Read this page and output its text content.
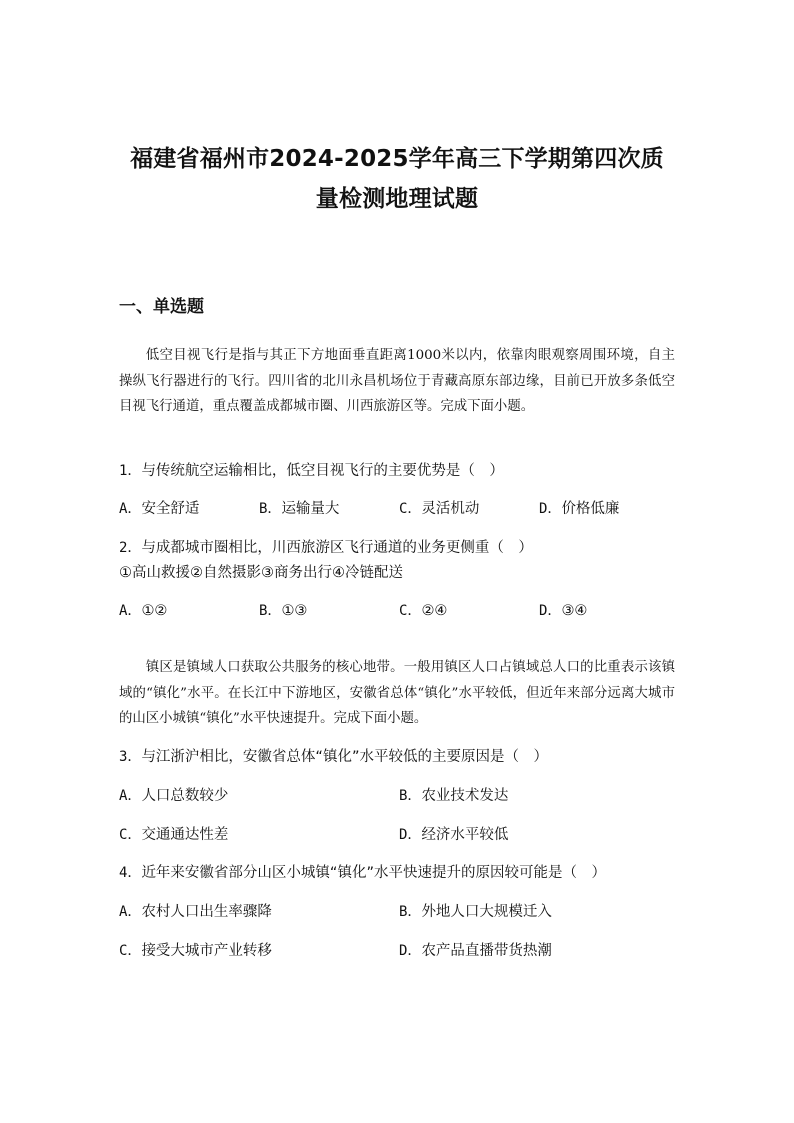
福建省福州市2024-2025学年高三下学期第四次质
量检测地理试题
一、单选题

低空目视飞行是指与其正下方地面垂直距离1000米以内，依靠肉眼观察周围环境，自主操纵飞行器进行的飞行。四川省的北川永昌机场位于青藏高原东部边缘，目前已开放多条低空目视飞行通道，重点覆盖成都城市圈、川西旅游区等。完成下面小题。

1．与传统航空运输相比，低空目视飞行的主要优势是（　）
A．安全舒适	B．运输量大	C．灵活机动	D．价格低廉
2．与成都城市圈相比，川西旅游区飞行通道的业务更侧重（　）
①高山救援②自然摄影③商务出行④冷链配送
A．①②	B．①③	C．②④	D．③④

镇区是镇域人口获取公共服务的核心地带。一般用镇区人口占镇域总人口的比重表示该镇域的“镇化”水平。在长江中下游地区，安徽省总体“镇化”水平较低，但近年来部分远离大城市的山区小城镇“镇化”水平快速提升。完成下面小题。

3．与江浙沪相比，安徽省总体“镇化”水平较低的主要原因是（　）
A．人口总数较少	B．农业技术发达
C．交通通达性差	D．经济水平较低
4．近年来安徽省部分山区小城镇“镇化”水平快速提升的原因较可能是（　）
A．农村人口出生率骤降	B．外地人口大规模迁入
C．接受大城市产业转移	D．农产品直播带货热潮
